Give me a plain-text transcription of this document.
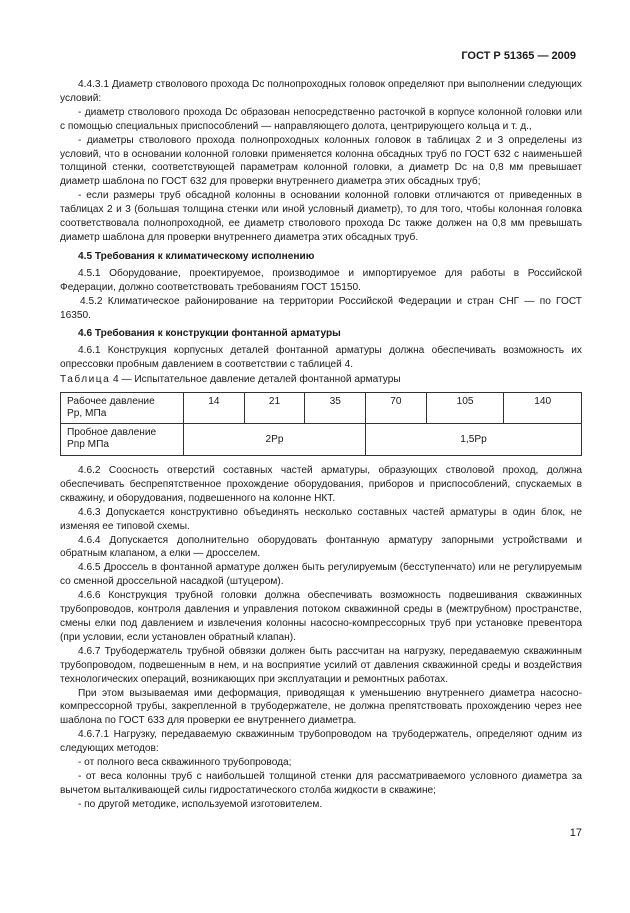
ГОСТ Р 51365 — 2009

4.4.3.1 Диаметр стволового прохода Dc полнопроходных головок определяют при выполнении следующих условий:

- диаметр стволового прохода Dc образован непосредственно расточкой в корпусе колонной головки или с помощью специальных приспособлений — направляющего долота, центрирующего кольца и т. д.,

- диаметры стволового прохода полнопроходных колонных головок в таблицах 2 и 3 определены из условий, что в основании колонной головки применяется колонна обсадных труб по ГОСТ 632 с наименьшей толщиной стенки, соответствующей параметрам колонной головки, а диаметр Dc на 0,8 мм превышает диаметр шаблона по ГОСТ 632 для проверки внутреннего диаметра этих обсадных труб;

- если размеры труб обсадной колонны в основании колонной головки отличаются от приведенных в таблицах 2 и 3 (большая толщина стенки или иной условный диаметр), то для того, чтобы колонная головка соответствовала полнопроходной, ее диаметр стволового прохода Dc также должен на 0,8 мм превышать диаметр шаблона для проверки внутреннего диаметра этих обсадных труб.

4.5 Требования к климатическому исполнению

4.5.1 Оборудование, проектируемое, производимое и импортируемое для работы в Российской Федерации, должно соответствовать требованиям ГОСТ 15150.

4.5.2 Климатическое районирование на территории Российской Федерации и стран СНГ — по ГОСТ 16350.

4.6 Требования к конструкции фонтанной арматуры

4.6.1 Конструкция корпусных деталей фонтанной арматуры должна обеспечивать возможность их опрессовки пробным давлением в соответствии с таблицей 4.

Таблица 4 — Испытательное давление деталей фонтанной арматуры

Рабочее давление
Pр, МПа	14	21	35	70	105	140
Пробное давление
Pпр МПа	2Pр			1,5Pр		

4.6.2 Соосность отверстий составных частей арматуры, образующих стволовой проход, должна обеспечивать беспрепятственное прохождение оборудования, приборов и приспособлений, спускаемых в скважину, и оборудования, подвешенного на колонне НКТ.

4.6.3 Допускается конструктивно объединять несколько составных частей арматуры в один блок, не изменяя ее типовой схемы.

4.6.4 Допускается дополнительно оборудовать фонтанную арматуру запорными устройствами и обратным клапаном, а елки — дросселем.

4.6.5 Дроссель в фонтанной арматуре должен быть регулируемым (бесступенчато) или не регулируемым со сменной дроссельной насадкой (штуцером).

4.6.6 Конструкция трубной головки должна обеспечивать возможность подвешивания скважинных трубопроводов, контроля давления и управления потоком скважинной среды в (межтрубном) пространстве, смены елки под давлением и извлечения колонны насосно-компрессорных труб при установке превентора (при условии, если установлен обратный клапан).

4.6.7 Трубодержатель трубной обвязки должен быть рассчитан на нагрузку, передаваемую скважинным трубопроводом, подвешенным в нем, и на восприятие усилий от давления скважинной среды и воздействия технологических операций, возникающих при эксплуатации и ремонтных работах.

При этом вызываемая ими деформация, приводящая к уменьшению внутреннего диаметра насосно-компрессорной трубы, закрепленной в трубодержателе, не должна препятствовать прохождению через нее шаблона по ГОСТ 633 для проверки ее внутреннего диаметра.

4.6.7.1 Нагрузку, передаваемую скважинным трубопроводом на трубодержатель, определяют одним из следующих методов:

- от полного веса скважинного трубопровода;

- от веса колонны труб с наибольшей толщиной стенки для рассматриваемого условного диаметра за вычетом выталкивающей силы гидростатического столба жидкости в скважине;

- по другой методике, используемой изготовителем.

17
